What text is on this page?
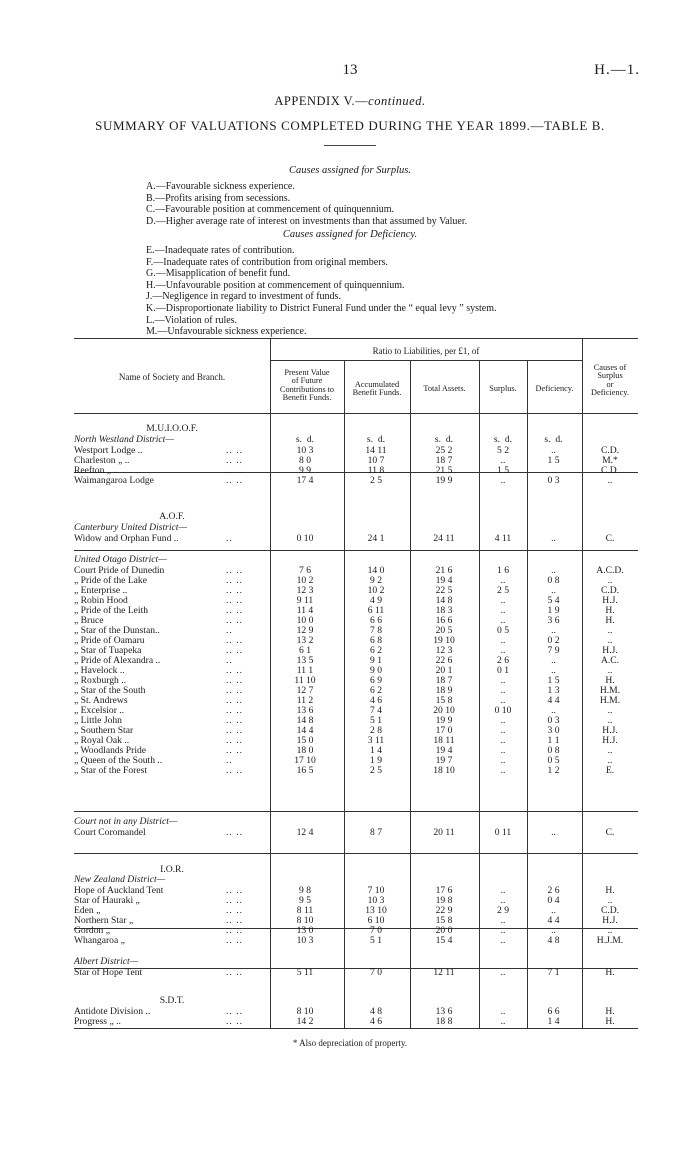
13	H.—1.
APPENDIX V.—continued.
SUMMARY OF VALUATIONS COMPLETED DURING THE YEAR 1899.—TABLE B.
Causes assigned for Surplus.
A.—Favourable sickness experience.
B.—Profits arising from secessions.
C.—Favourable position at commencement of quinquennium.
D.—Higher average rate of interest on investments than that assumed by Valuer.
Causes assigned for Deficiency.
E.—Inadequate rates of contribution.
F.—Inadequate rates of contribution from original members.
G.—Misapplication of benefit fund.
H.—Unfavourable position at commencement of quinquennium.
J.—Negligence in regard to investment of funds.
K.—Disproportionate liability to District Funeral Fund under the “ equal levy ” system.
L.—Violation of rules.
M.—Unfavourable sickness experience.
Ratio to Liabilities, per £1, of
Name of Society and Branch.	Present Value
of Future
Contributions to
Benefit Funds.
Accumulated
Benefit Funds.	Total Assets.	Surplus.	Deficiency.
Causes of
Surplus
or
Deficiency.
M.U.I.O.O.F.
North Westland District—	s. d.	s. d.	s. d.	s. d.	s. d.
Westport Lodge ..	.. ..	10 3	14 11	25 2	5 2	..	C.D.
Charleston „ ..	.. ..	8 0	10 7	18 7	..	1 5	M.*
Reefton „ ..	.. ..	9 9	11 8	21 5	1 5	..	C.D.
Waimangaroa Lodge	.. ..	17 4	2 5	19 9	..	0 3	..
A.O.F.
Canterbury United District—
Widow and Orphan Fund ..	..	0 10	24 1	24 11	4 11	..	C.
United Otago District—
Court Pride of Dunedin	.. ..	7 6	14 0	21 6	1 6	..	A.C.D.
„ Pride of the Lake	.. ..	10 2	9 2	19 4	..	0 8	..
„ Enterprise ..	.. ..	12 3	10 2	22 5	2 5	..	C.D.
„ Robin Hood	.. ..	9 11	4 9	14 8	..	5 4	H.J.
„ Pride of the Leith	.. ..	11 4	6 11	18 3	..	1 9	H.
„ Bruce	.. ..	10 0	6 6	16 6	..	3 6	H.
„ Star of the Dunstan..	..	12 9	7 8	20 5	0 5	..	..
„ Pride of Oamaru	.. ..	13 2	6 8	19 10	..	0 2	..
„ Star of Tuapeka	.. ..	6 1	6 2	12 3	..	7 9	H.J.
„ Pride of Alexandra ..	..	13 5	9 1	22 6	2 6	..	A.C.
„ Havelock ..	.. ..	11 1	9 0	20 1	0 1	..	..
„ Roxburgh ..	.. ..	11 10	6 9	18 7	..	1 5	H.
„ Star of the South	.. ..	12 7	6 2	18 9	..	1 3	H.M.
„ St. Andrews	.. ..	11 2	4 6	15 8	..	4 4	H.M.
„ Excelsior ..	.. ..	13 6	7 4	20 10	0 10	..	..
„ Little John	.. ..	14 8	5 1	19 9	..	0 3	..
„ Southern Star	.. ..	14 4	2 8	17 0	..	3 0	H.J.
„ Royal Oak ..	.. ..	15 0	3 11	18 11	..	1 1	H.J.
„ Woodlands Pride	.. ..	18 0	1 4	19 4	..	0 8	..
„ Queen of the South ..	..	17 10	1 9	19 7	..	0 5	..
„ Star of the Forest	.. ..	16 5	2 5	18 10	..	1 2	E.
Court not in any District—
Court Coromandel	.. ..	12 4	8 7	20 11	0 11	..	C.
I.O.R.
New Zealand District—
Hope of Auckland Tent	.. ..	9 8	7 10	17 6	..	2 6	H.
Star of Hauraki „	.. ..	9 5	10 3	19 8	..	0 4	..
Eden „	.. ..	8 11	13 10	22 9	2 9	..	C.D.
Northern Star „	.. ..	8 10	6 10	15 8	..	4 4	H.J.
Gordon „	.. ..	13 0	7 0	20 0	..	..	..
Whangaroa „	.. ..	10 3	5 1	15 4	..	4 8	H.J.M.
Albert District—
Star of Hope Tent	.. ..	5 11	7 0	12 11	..	7 1	H.
S.D.T.
Antidote Division ..	.. ..	8 10	4 8	13 6	..	6 6	H.
Progress „ ..	.. ..	14 2	4 6	18 8	..	1 4	H.
* Also depreciation of property.
